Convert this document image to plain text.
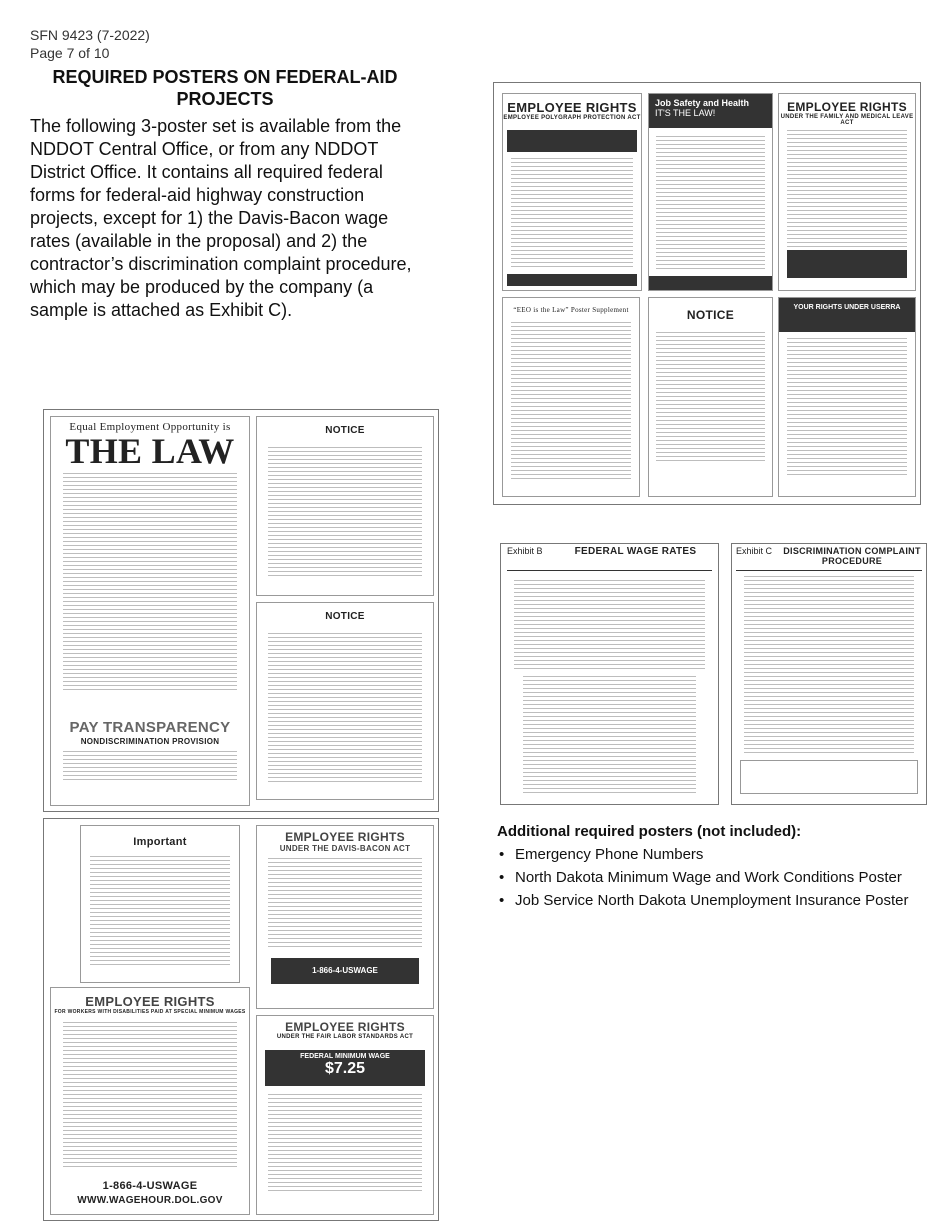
SFN 9423 (7-2022)
Page 7 of 10
REQUIRED POSTERS ON FEDERAL-AID PROJECTS
The following 3-poster set is available from the NDDOT Central Office, or from any NDDOT District Office. It contains all required federal forms for federal-aid highway construction projects, except for 1) the Davis-Bacon wage rates (available in the proposal) and 2) the contractor’s discrimination complaint procedure, which may be produced by the company (a sample is attached as Exhibit C).
EMPLOYEE RIGHTS
EMPLOYEE POLYGRAPH PROTECTION ACT
Job Safety and Health
IT'S THE LAW!	EMPLOYEE RIGHTS
UNDER THE FAMILY AND MEDICAL LEAVE ACT
“EEO is the Law” Poster Supplement	NOTICE
YOUR RIGHTS UNDER USERRA
Equal Employment Opportunity is
THE LAW
PAY TRANSPARENCY
NONDISCRIMINATION PROVISION
NOTICE
NOTICE
Important	EMPLOYEE RIGHTS
UNDER THE DAVIS-BACON ACT
1-866-4-USWAGE
EMPLOYEE RIGHTS
FOR WORKERS WITH DISABILITIES PAID AT SPECIAL MINIMUM WAGES
1-866-4-USWAGE
WWW.WAGEHOUR.DOL.GOV
EMPLOYEE RIGHTS
UNDER THE FAIR LABOR STANDARDS ACT
FEDERAL MINIMUM WAGE
$7.25
Exhibit B	FEDERAL WAGE RATES	Exhibit C	DISCRIMINATION COMPLAINT PROCEDURE
Additional required posters (not included):
• Emergency Phone Numbers
• North Dakota Minimum Wage and Work Conditions Poster
• Job Service North Dakota Unemployment Insurance Poster
